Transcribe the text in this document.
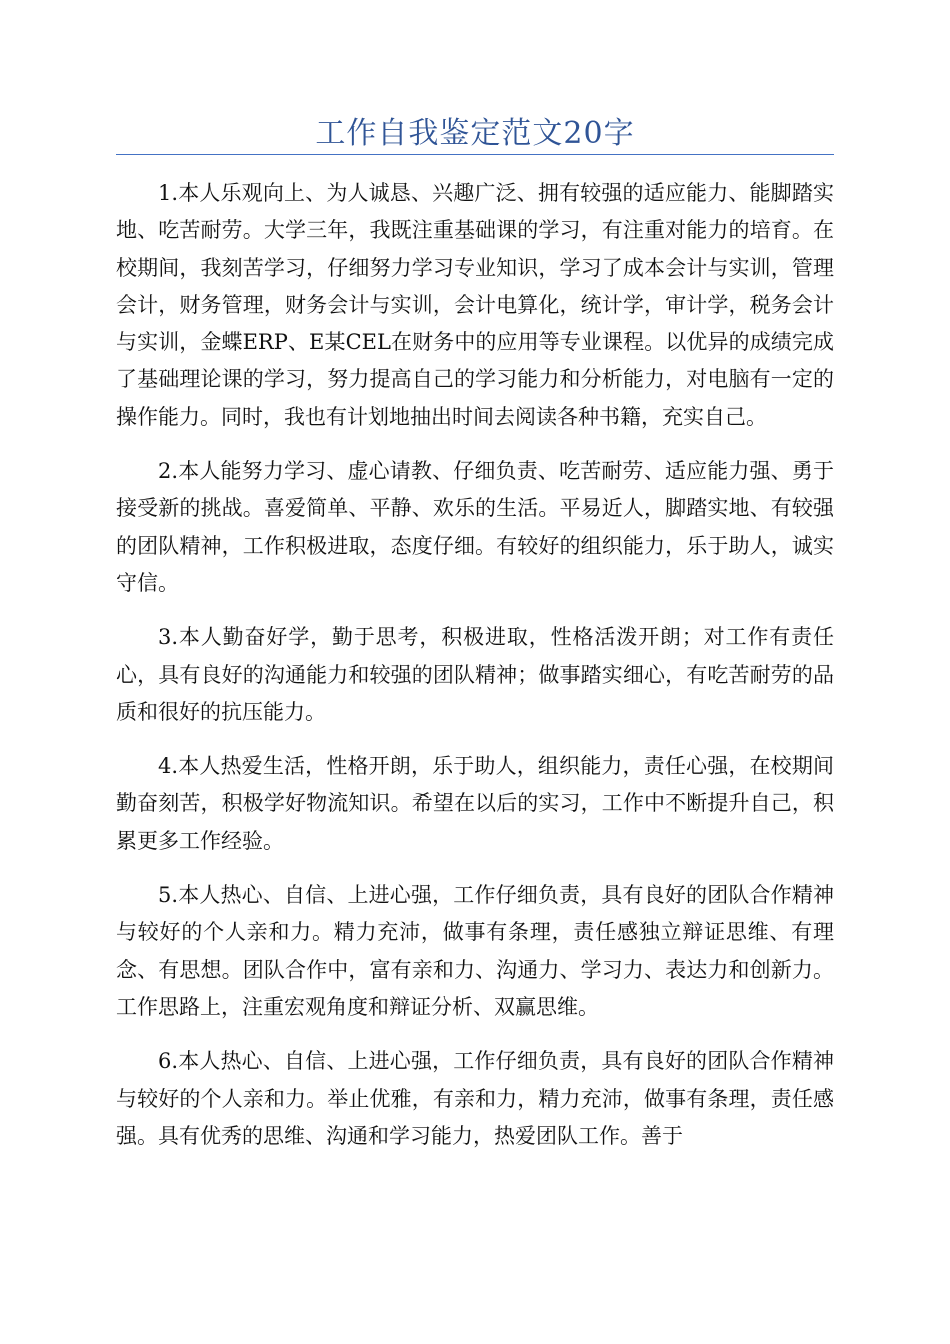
工作自我鉴定范文20字

1.本人乐观向上、为人诚恳、兴趣广泛、拥有较强的适应能力、能脚踏实地、吃苦耐劳。大学三年，我既注重基础课的学习，有注重对能力的培育。在校期间，我刻苦学习，仔细努力学习专业知识，学习了成本会计与实训，管理会计，财务管理，财务会计与实训，会计电算化，统计学，审计学，税务会计与实训，金蝶ERP、E某CEL在财务中的应用等专业课程。以优异的成绩完成了基础理论课的学习，努力提高自己的学习能力和分析能力，对电脑有一定的操作能力。同时，我也有计划地抽出时间去阅读各种书籍，充实自己。

2.本人能努力学习、虚心请教、仔细负责、吃苦耐劳、适应能力强、勇于接受新的挑战。喜爱简单、平静、欢乐的生活。平易近人，脚踏实地、有较强的团队精神，工作积极进取，态度仔细。有较好的组织能力，乐于助人，诚实守信。

3.本人勤奋好学，勤于思考，积极进取，性格活泼开朗；对工作有责任心，具有良好的沟通能力和较强的团队精神；做事踏实细心，有吃苦耐劳的品质和很好的抗压能力。

4.本人热爱生活，性格开朗，乐于助人，组织能力，责任心强，在校期间勤奋刻苦，积极学好物流知识。希望在以后的实习，工作中不断提升自己，积累更多工作经验。

5.本人热心、自信、上进心强，工作仔细负责，具有良好的团队合作精神与较好的个人亲和力。精力充沛，做事有条理，责任感独立辩证思维、有理念、有思想。团队合作中，富有亲和力、沟通力、学习力、表达力和创新力。工作思路上，注重宏观角度和辩证分析、双赢思维。

6.本人热心、自信、上进心强，工作仔细负责，具有良好的团队合作精神与较好的个人亲和力。举止优雅，有亲和力，精力充沛，做事有条理，责任感强。具有优秀的思维、沟通和学习能力，热爱团队工作。善于
